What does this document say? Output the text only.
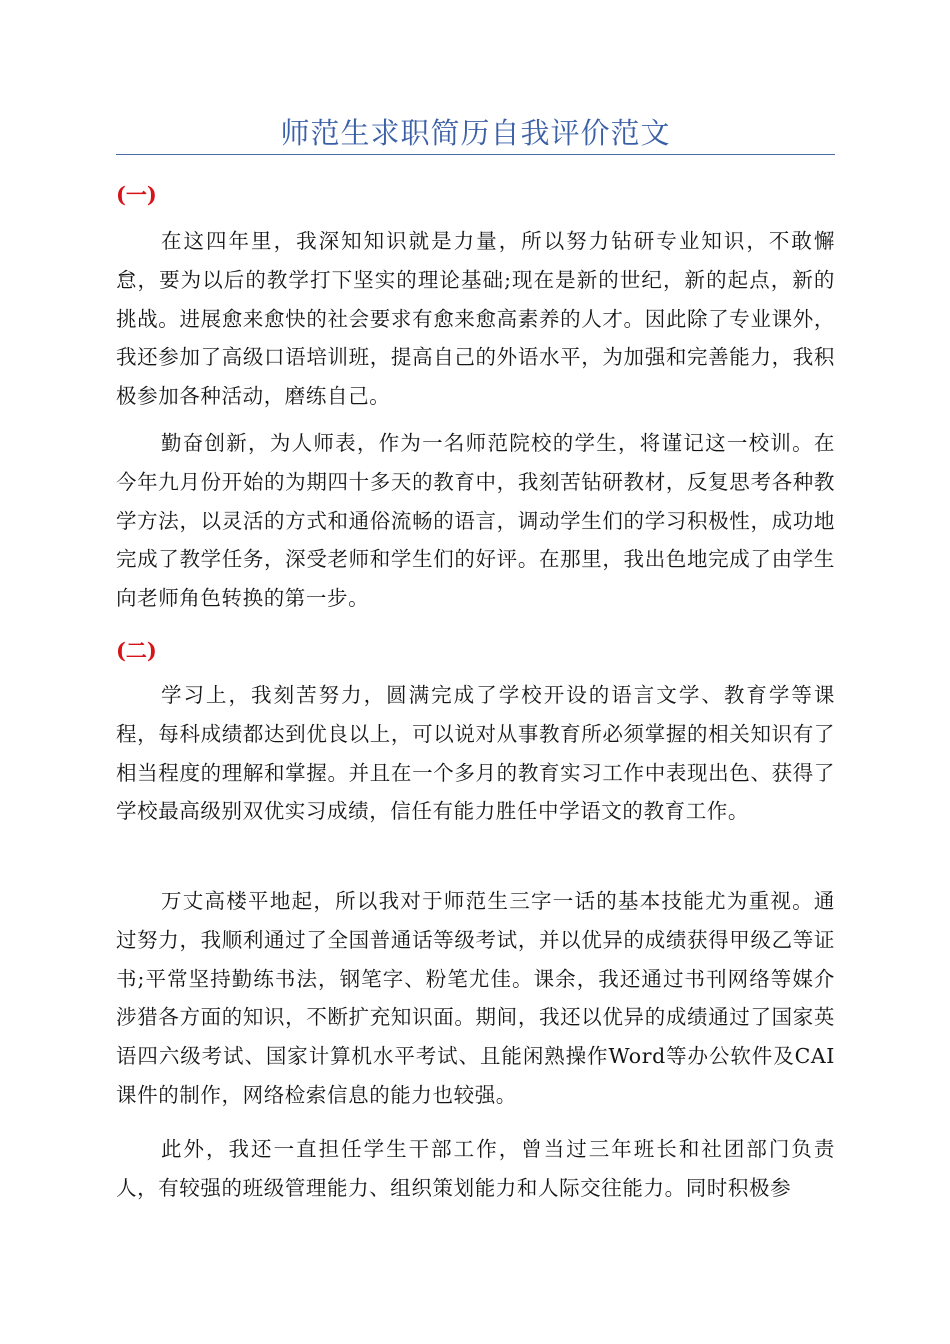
师范生求职简历自我评价范文
(一)

在这四年里，我深知知识就是力量，所以努力钻研专业知识，不敢懈怠，要为以后的教学打下坚实的理论基础;现在是新的世纪，新的起点，新的挑战。进展愈来愈快的社会要求有愈来愈高素养的人才。因此除了专业课外，我还参加了高级口语培训班，提高自己的外语水平，为加强和完善能力，我积极参加各种活动，磨练自己。

勤奋创新，为人师表，作为一名师范院校的学生，将谨记这一校训。在今年九月份开始的为期四十多天的教育中，我刻苦钻研教材，反复思考各种教学方法，以灵活的方式和通俗流畅的语言，调动学生们的学习积极性，成功地完成了教学任务，深受老师和学生们的好评。在那里，我出色地完成了由学生向老师角色转换的第一步。

(二)

学习上，我刻苦努力，圆满完成了学校开设的语言文学、教育学等课程，每科成绩都达到优良以上，可以说对从事教育所必须掌握的相关知识有了相当程度的理解和掌握。并且在一个多月的教育实习工作中表现出色、获得了学校最高级别双优实习成绩，信任有能力胜任中学语文的教育工作。

万丈高楼平地起，所以我对于师范生三字一话的基本技能尤为重视。通过努力，我顺利通过了全国普通话等级考试，并以优异的成绩获得甲级乙等证书;平常坚持勤练书法，钢笔字、粉笔尤佳。课余，我还通过书刊网络等媒介涉猎各方面的知识，不断扩充知识面。期间，我还以优异的成绩通过了国家英语四六级考试、国家计算机水平考试、且能闲熟操作Word等办公软件及CAI课件的制作，网络检索信息的能力也较强。

此外，我还一直担任学生干部工作，曾当过三年班长和社团部门负责人，有较强的班级管理能力、组织策划能力和人际交往能力。同时积极参
